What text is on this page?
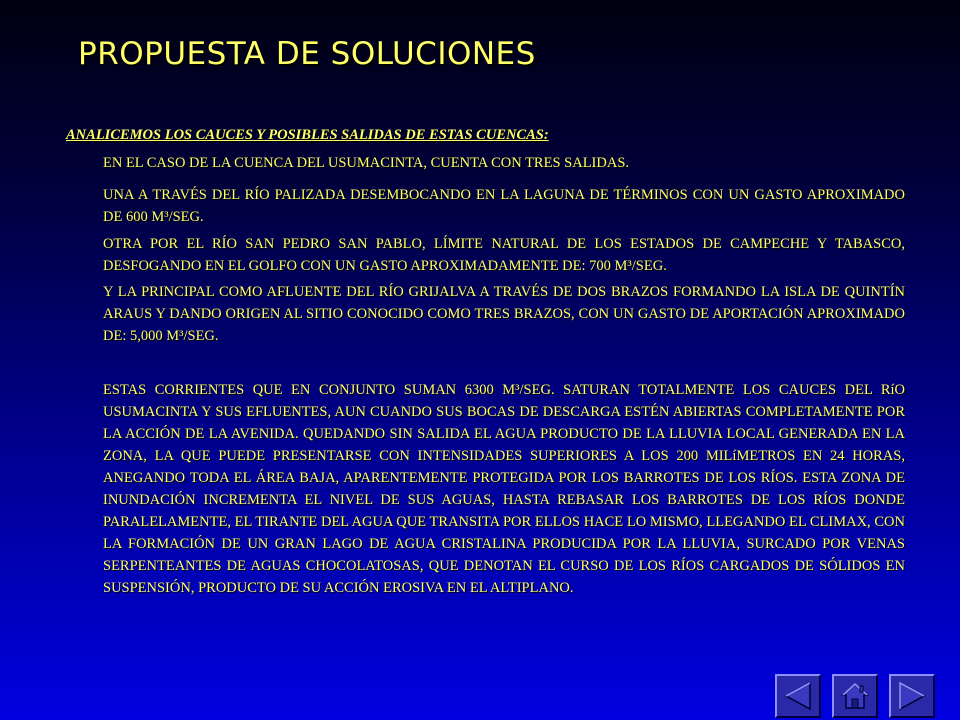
PROPUESTA DE SOLUCIONES
ANALICEMOS LOS CAUCES Y POSIBLES SALIDAS DE ESTAS CUENCAS:
EN EL CASO DE LA CUENCA DEL USUMACINTA, CUENTA CON TRES SALIDAS.
UNA A TRAVÉS DEL RÍO PALIZADA DESEMBOCANDO EN LA LAGUNA DE TÉRMINOS CON UN GASTO APROXIMADO DE 600 M³/SEG.
OTRA POR EL RÍO SAN PEDRO SAN PABLO, LÍMITE NATURAL DE LOS ESTADOS DE CAMPECHE Y TABASCO, DESFOGANDO EN EL GOLFO CON UN GASTO APROXIMADAMENTE DE: 700 M³/SEG.
Y LA PRINCIPAL COMO AFLUENTE DEL RÍO GRIJALVA A TRAVÉS DE DOS BRAZOS FORMANDO LA ISLA DE QUINTÍN ARAUS Y DANDO ORIGEN AL SITIO CONOCIDO COMO TRES BRAZOS, CON UN GASTO DE APORTACIÓN APROXIMADO DE: 5,000 M³/SEG.
ESTAS CORRIENTES QUE EN CONJUNTO SUMAN 6300 M³/SEG. SATURAN TOTALMENTE LOS CAUCES DEL RíO USUMACINTA Y SUS EFLUENTES, AUN CUANDO SUS BOCAS DE DESCARGA ESTÉN ABIERTAS COMPLETAMENTE POR LA ACCIÓN DE LA AVENIDA. QUEDANDO SIN SALIDA EL AGUA PRODUCTO DE LA LLUVIA LOCAL GENERADA EN LA ZONA, LA QUE PUEDE PRESENTARSE CON INTENSIDADES SUPERIORES A LOS 200 MILíMETROS EN 24 HORAS, ANEGANDO TODA EL ÁREA BAJA, APARENTEMENTE PROTEGIDA POR LOS BARROTES DE LOS RÍOS. ESTA ZONA DE INUNDACIÓN INCREMENTA EL NIVEL DE SUS AGUAS, HASTA REBASAR LOS BARROTES DE LOS RÍOS DONDE PARALELAMENTE, EL TIRANTE DEL AGUA QUE TRANSITA POR ELLOS HACE LO MISMO, LLEGANDO EL CLIMAX, CON LA FORMACIÓN DE UN GRAN LAGO DE AGUA CRISTALINA PRODUCIDA POR LA LLUVIA, SURCADO POR VENAS SERPENTEANTES DE AGUAS CHOCOLATOSAS, QUE DENOTAN EL CURSO DE LOS RÍOS CARGADOS DE SÓLIDOS EN SUSPENSIÓN, PRODUCTO DE SU ACCIÓN EROSIVA EN EL ALTIPLANO.
